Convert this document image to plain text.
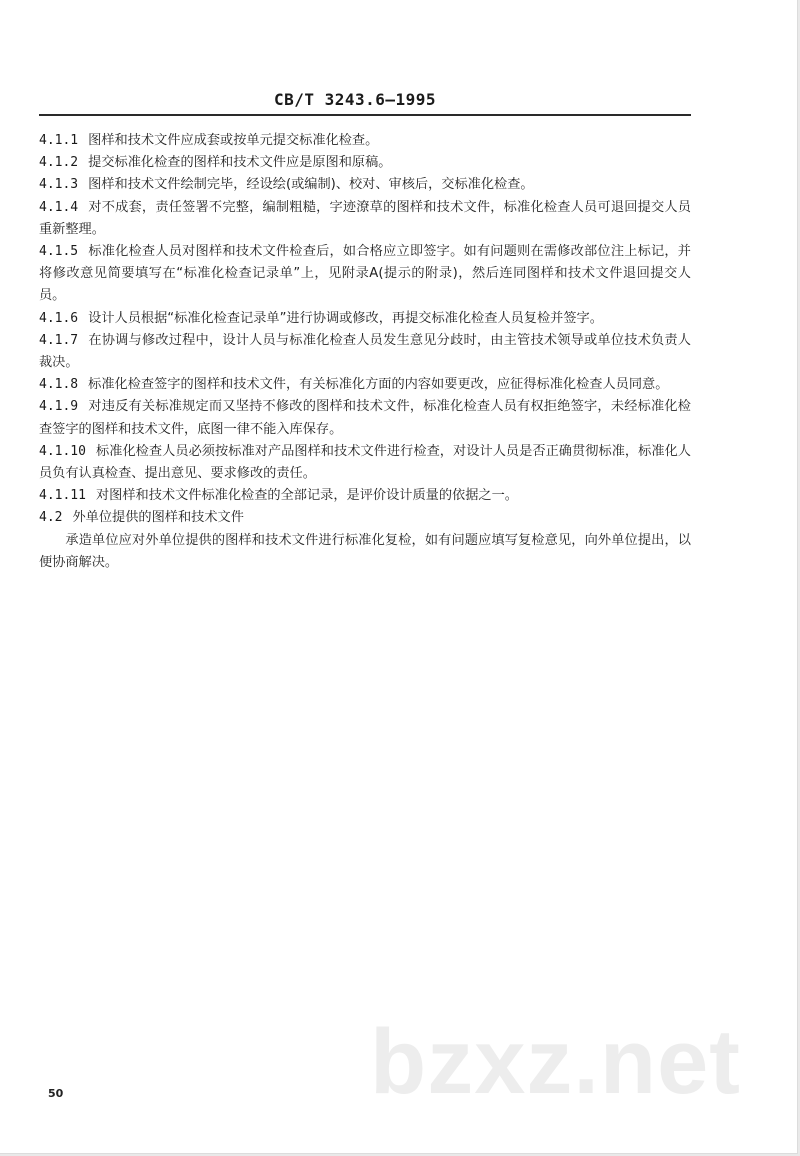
CB/T 3243.6—1995

4.1.1 图样和技术文件应成套或按单元提交标准化检查。

4.1.2 提交标准化检查的图样和技术文件应是原图和原稿。

4.1.3 图样和技术文件绘制完毕，经设绘(或编制)、校对、审核后，交标准化检查。

4.1.4 对不成套，责任签署不完整，编制粗糙，字迹潦草的图样和技术文件，标准化检查人员可退回提交人员重新整理。

4.1.5 标准化检查人员对图样和技术文件检查后，如合格应立即签字。如有问题则在需修改部位注上标记，并将修改意见简要填写在“标准化检查记录单”上，见附录A(提示的附录)，然后连同图样和技术文件退回提交人员。

4.1.6 设计人员根据“标准化检查记录单”进行协调或修改，再提交标准化检查人员复检并签字。

4.1.7 在协调与修改过程中，设计人员与标准化检查人员发生意见分歧时，由主管技术领导或单位技术负责人裁决。

4.1.8 标准化检查签字的图样和技术文件，有关标准化方面的内容如要更改，应征得标准化检查人员同意。

4.1.9 对违反有关标准规定而又坚持不修改的图样和技术文件，标准化检查人员有权拒绝签字，未经标准化检查签字的图样和技术文件，底图一律不能入库保存。

4.1.10 标准化检查人员必须按标准对产品图样和技术文件进行检查，对设计人员是否正确贯彻标准，标准化人员负有认真检查、提出意见、要求修改的责任。

4.1.11 对图样和技术文件标准化检查的全部记录，是评价设计质量的依据之一。

4.2 外单位提供的图样和技术文件

承造单位应对外单位提供的图样和技术文件进行标准化复检，如有问题应填写复检意见，向外单位提出，以便协商解决。

bzxz.net
50
